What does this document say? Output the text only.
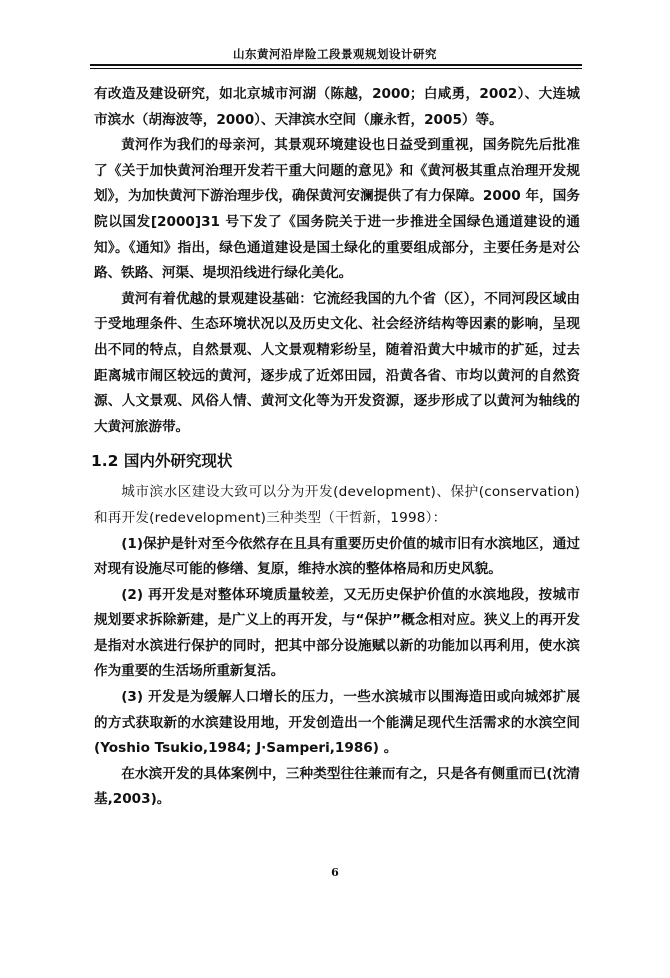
山东黄河沿岸险工段景观规划设计研究

有改造及建设研究，如北京城市河湖（陈越，2000；白咸勇，2002）、大连城市滨水（胡海波等，2000）、天津滨水空间（廉永哲，2005）等。

黄河作为我们的母亲河，其景观环境建设也日益受到重视，国务院先后批准了《关于加快黄河治理开发若干重大问题的意见》和《黄河极其重点治理开发规划》，为加快黄河下游治理步伐，确保黄河安澜提供了有力保障。2000 年，国务院以国发[2000]31 号下发了《国务院关于进一步推进全国绿色通道建设的通知》。《通知》指出，绿色通道建设是国土绿化的重要组成部分，主要任务是对公路、铁路、河渠、堤坝沿线进行绿化美化。

黄河有着优越的景观建设基础：它流经我国的九个省（区），不同河段区域由于受地理条件、生态环境状况以及历史文化、社会经济结构等因素的影响，呈现出不同的特点，自然景观、人文景观精彩纷呈，随着沿黄大中城市的扩延，过去距离城市闹区较远的黄河，逐步成了近郊田园，沿黄各省、市均以黄河的自然资源、人文景观、风俗人情、黄河文化等为开发资源，逐步形成了以黄河为轴线的大黄河旅游带。

1.2 国内外研究现状

城市滨水区建设大致可以分为开发(development)、保护(conservation)和再开发(redevelopment)三种类型（干哲新，1998）：

(1)保护是针对至今依然存在且具有重要历史价值的城市旧有水滨地区，通过对现有设施尽可能的修缮、复原，维持水滨的整体格局和历史风貌。

(2) 再开发是对整体环境质量较差，又无历史保护价值的水滨地段，按城市规划要求拆除新建，是广义上的再开发，与“保护”概念相对应。狭义上的再开发是指对水滨进行保护的同时，把其中部分设施赋以新的功能加以再利用，使水滨作为重要的生活场所重新复活。

(3) 开发是为缓解人口增长的压力，一些水滨城市以围海造田或向城郊扩展的方式获取新的水滨建设用地，开发创造出一个能满足现代生活需求的水滨空间 (Yoshio Tsukio,1984; J·Samperi,1986) 。

在水滨开发的具体案例中，三种类型往往兼而有之，只是各有侧重而已(沈清基,2003)。

6
